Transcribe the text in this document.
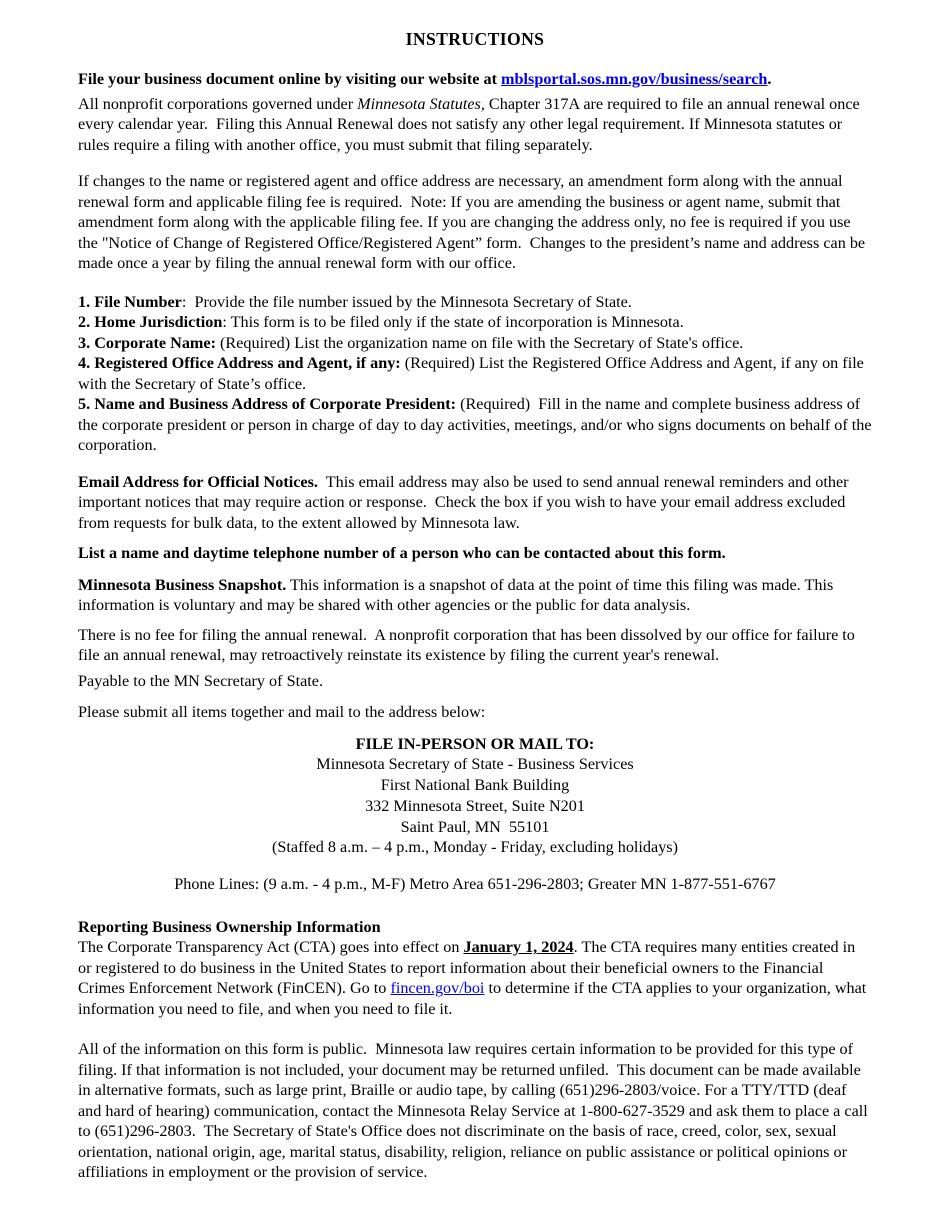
INSTRUCTIONS

File your business document online by visiting our website at mblsportal.sos.mn.gov/business/search.

All nonprofit corporations governed under Minnesota Statutes, Chapter 317A are required to file an annual renewal once every calendar year.  Filing this Annual Renewal does not satisfy any other legal requirement. If Minnesota statutes or rules require a filing with another office, you must submit that filing separately.

If changes to the name or registered agent and office address are necessary, an amendment form along with the annual renewal form and applicable filing fee is required.  Note: If you are amending the business or agent name, submit that amendment form along with the applicable filing fee. If you are changing the address only, no fee is required if you use the "Notice of Change of Registered Office/Registered Agent” form.  Changes to the president’s name and address can be made once a year by filing the annual renewal form with our office.

1. File Number:  Provide the file number issued by the Minnesota Secretary of State.

2. Home Jurisdiction: This form is to be filed only if the state of incorporation is Minnesota.

3. Corporate Name: (Required) List the organization name on file with the Secretary of State's office.

4. Registered Office Address and Agent, if any: (Required) List the Registered Office Address and Agent, if any on file with the Secretary of State’s office.

5. Name and Business Address of Corporate President: (Required)  Fill in the name and complete business address of the corporate president or person in charge of day to day activities, meetings, and/or who signs documents on behalf of the corporation.

Email Address for Official Notices.  This email address may also be used to send annual renewal reminders and other important notices that may require action or response.  Check the box if you wish to have your email address excluded from requests for bulk data, to the extent allowed by Minnesota law.

List a name and daytime telephone number of a person who can be contacted about this form.

Minnesota Business Snapshot. This information is a snapshot of data at the point of time this filing was made. This information is voluntary and may be shared with other agencies or the public for data analysis.

There is no fee for filing the annual renewal.  A nonprofit corporation that has been dissolved by our office for failure to file an annual renewal, may retroactively reinstate its existence by filing the current year's renewal.

Payable to the MN Secretary of State.

Please submit all items together and mail to the address below:

FILE IN-PERSON OR MAIL TO:

Minnesota Secretary of State - Business Services

First National Bank Building

332 Minnesota Street, Suite N201

Saint Paul, MN  55101

(Staffed 8 a.m. – 4 p.m., Monday - Friday, excluding holidays)

Phone Lines: (9 a.m. - 4 p.m., M-F) Metro Area 651-296-2803; Greater MN 1-877-551-6767

Reporting Business Ownership Information

The Corporate Transparency Act (CTA) goes into effect on January 1, 2024. The CTA requires many entities created in or registered to do business in the United States to report information about their beneficial owners to the Financial Crimes Enforcement Network (FinCEN). Go to fincen.gov/boi to determine if the CTA applies to your organization, what information you need to file, and when you need to file it.

All of the information on this form is public.  Minnesota law requires certain information to be provided for this type of filing. If that information is not included, your document may be returned unfiled.  This document can be made available in alternative formats, such as large print, Braille or audio tape, by calling (651)296-2803/voice. For a TTY/TTD (deaf and hard of hearing) communication, contact the Minnesota Relay Service at 1-800-627-3529 and ask them to place a call to (651)296-2803.  The Secretary of State's Office does not discriminate on the basis of race, creed, color, sex, sexual orientation, national origin, age, marital status, disability, religion, reliance on public assistance or political opinions or affiliations in employment or the provision of service.
